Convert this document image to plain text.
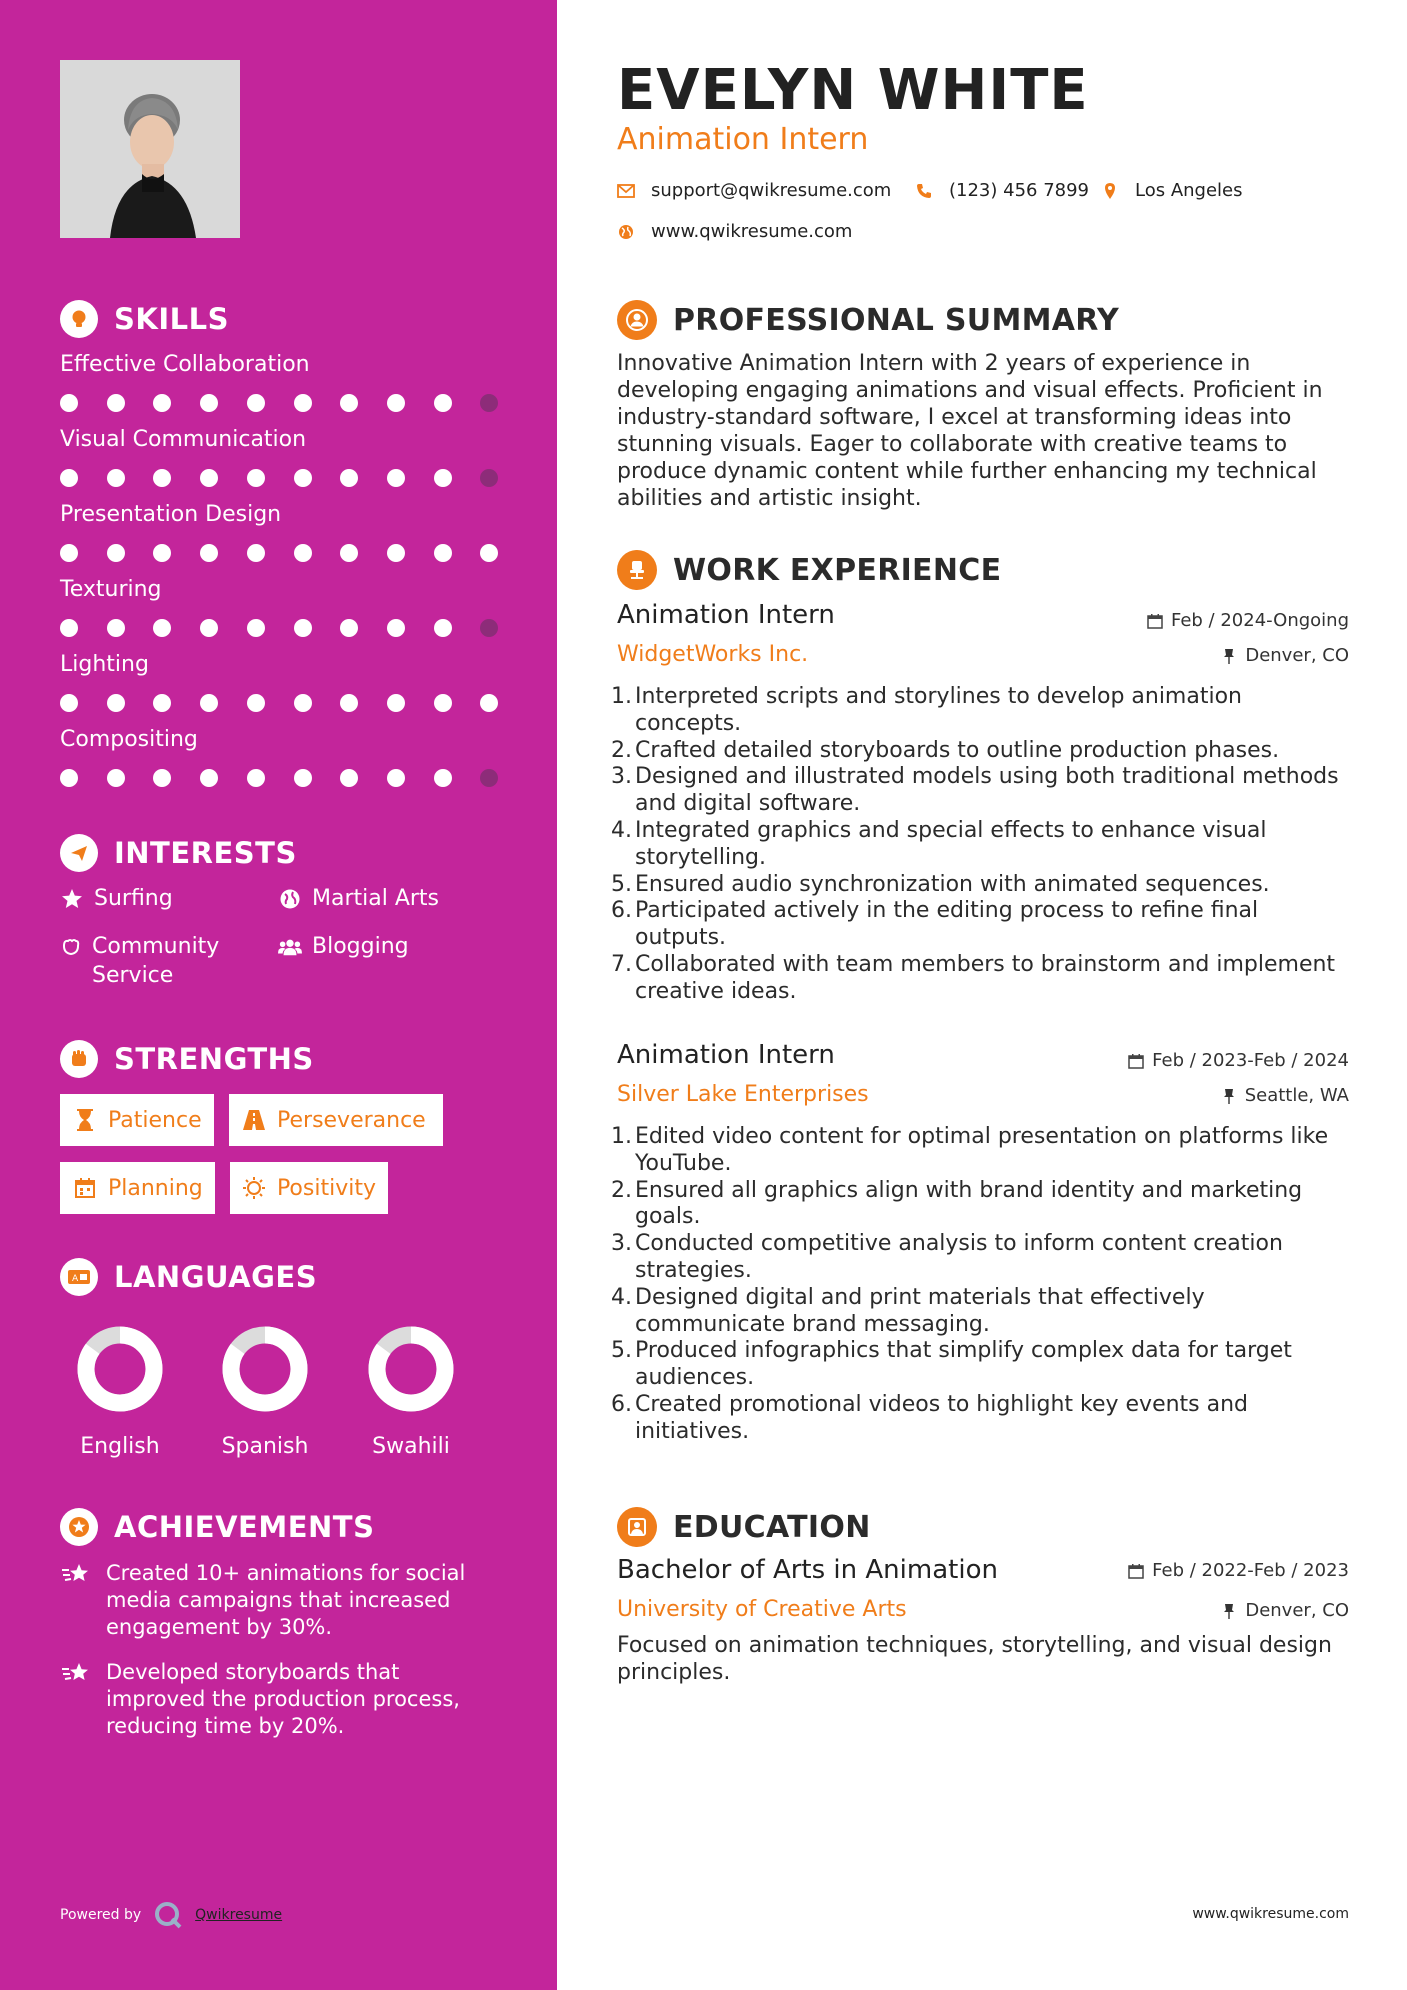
SKILLS
Effective Collaboration
Visual Communication
Presentation Design
Texturing
Lighting
Compositing
INTERESTS
Surfing	Martial Arts
Community Service
Blogging
STRENGTHS
Patience	Perseverance
Planning	Positivity
A LANGUAGES
English	Spanish	Swahili
ACHIEVEMENTS
Created 10+ animations for social media campaigns that increased engagement by 30%.
Developed storyboards that improved the production process, reducing time by 20%.
Powered by	Qwikresume
EVELYN WHITE
Animation Intern
support@qwikresume.com	(123) 456 7899	Los Angeles
www.qwikresume.com
PROFESSIONAL SUMMARY
Innovative Animation Intern with 2 years of experience in developing engaging animations and visual effects. Proficient in industry-standard software, I excel at transforming ideas into stunning visuals. Eager to collaborate with creative teams to produce dynamic content while further enhancing my technical abilities and artistic insight.
WORK EXPERIENCE
Animation Intern	Feb / 2024-Ongoing
WidgetWorks Inc.	Denver, CO
1. Interpreted scripts and storylines to develop animation concepts.
2. Crafted detailed storyboards to outline production phases.
3. Designed and illustrated models using both traditional methods and digital software.
4. Integrated graphics and special effects to enhance visual storytelling.
5. Ensured audio synchronization with animated sequences.
6. Participated actively in the editing process to refine final outputs.
7. Collaborated with team members to brainstorm and implement creative ideas.
Animation Intern	Feb / 2023-Feb / 2024
Silver Lake Enterprises	Seattle, WA
1. Edited video content for optimal presentation on platforms like YouTube.
2. Ensured all graphics align with brand identity and marketing goals.
3. Conducted competitive analysis to inform content creation strategies.
4. Designed digital and print materials that effectively communicate brand messaging.
5. Produced infographics that simplify complex data for target audiences.
6. Created promotional videos to highlight key events and initiatives.
EDUCATION
Bachelor of Arts in Animation	Feb / 2022-Feb / 2023
University of Creative Arts	Denver, CO
Focused on animation techniques, storytelling, and visual design principles.
www.qwikresume.com
